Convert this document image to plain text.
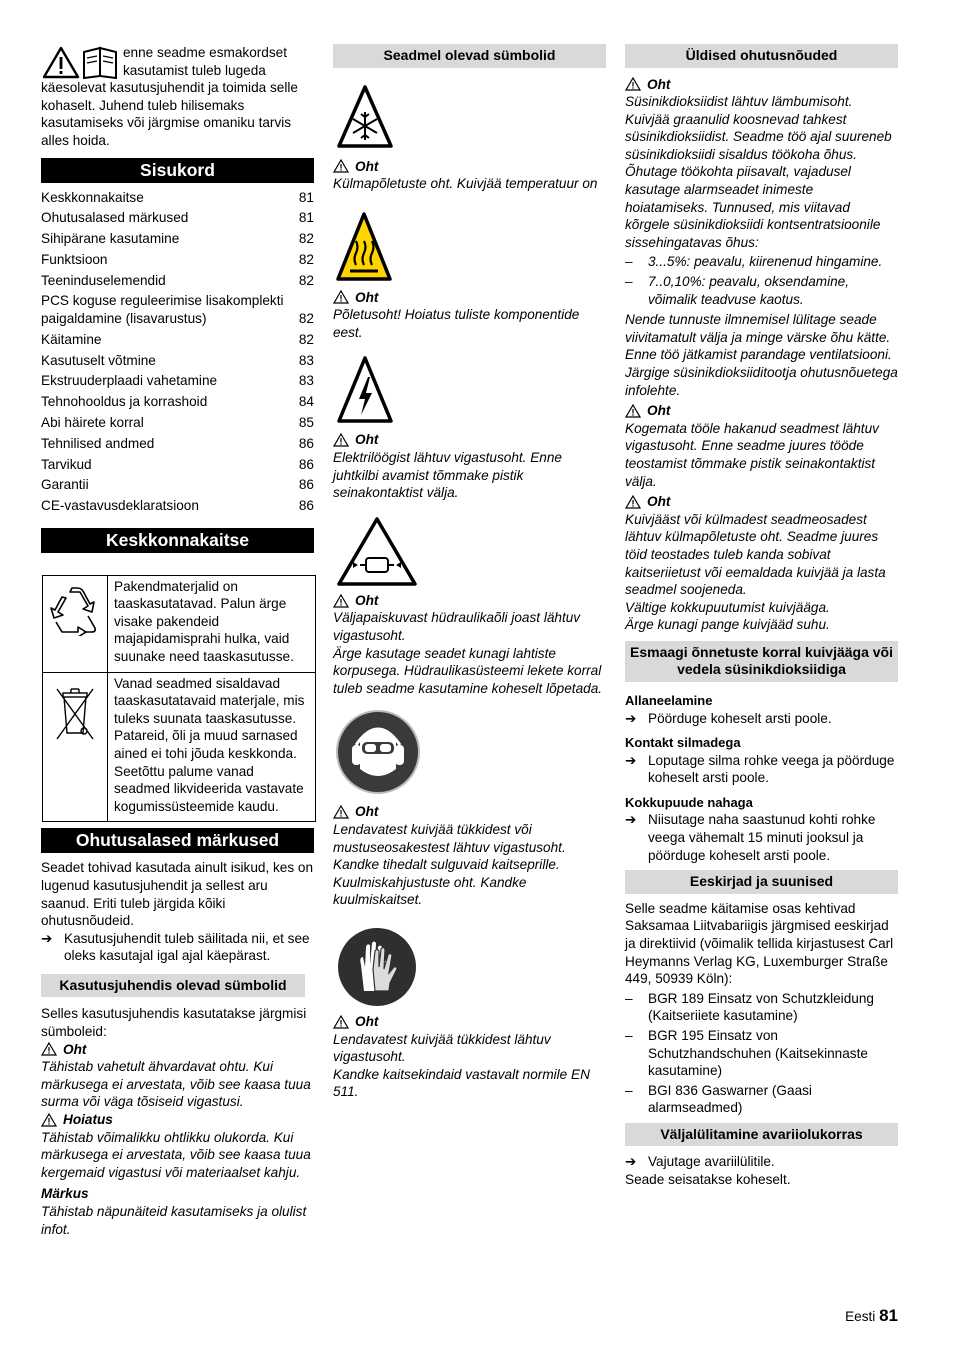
enne seadme esmakordset kasutamist tuleb lugeda

käesolevat kasutusjuhendit ja toimida selle kohaselt. Juhend tuleb hilisemaks kasutamiseks või järgmise omaniku tarvis alles hoida.

Sisukord
Keskkonnakaitse	81
Ohutusalased märkused	81
Sihipärane kasutamine	82
Funktsioon	82
Teeninduselemendid	82
PCS koguse reguleerimise lisakomplekti paigaldamine (lisavarustus)	82
Käitamine	82
Kasutuselt võtmine	83
Ekstruuderplaadi vahetamine	83
Tehnohooldus ja korrashoid	84
Abi häirete korral	85
Tehnilised andmed	86
Tarvikud	86
Garantii	86
CE-vastavusdeklaratsioon	86
Keskkonnakaitse
Pakendmaterjalid on taaskasutatavad. Palun ärge visake pakendeid majapidamisprahi hulka, vaid suunake need taaskasutusse.
Vanad seadmed sisaldavad taaskasutatavaid materjale, mis tuleks suunata taaskasutusse. Patareid, õli ja muud sarnased ained ei tohi jõuda keskkonda. Seetõttu palume vanad seadmed likvideerida vastavate kogumissüsteemide kaudu.
Ohutusalased märkused

Seadet tohivad kasutada ainult isikud, kes on lugenud kasutusjuhendit ja sellest aru saanud. Eriti tuleb järgida kõiki ohutusnõudeid.

➔ Kasutusjuhendit tuleb säilitada nii, et see oleks kasutajal igal ajal käepärast.
Kasutusjuhendis olevad sümbolid

Selles kasutusjuhendis kasutatakse järgmisi sümboleid:

Oht

Tähistab vahetult ähvardavat ohtu. Kui märkusega ei arvestata, võib see kaasa tuua surma või väga tõsiseid vigastusi.

Hoiatus

Tähistab võimalikku ohtlikku olukorda. Kui märkusega ei arvestata, võib see kaasa tuua kergemaid vigastusi või materiaalset kahju.

Märkus

Tähistab näpunäiteid kasutamiseks ja olulist infot.

Seadmel olevad sümbolid
Oht

Külmapõletuste oht. Kuivjää temperatuur on

Oht

Põletusoht! Hoiatus tuliste komponentide eest.

Oht

Elektrilöögist lähtuv vigastusoht. Enne juhtkilbi avamist tõmmake pistik seinakontaktist välja.

Oht

Väljapaiskuvast hüdraulikaõli joast lähtuv vigastusoht.
Ärge kasutage seadet kunagi lahtiste korpusega. Hüdraulikasüsteemi lekete korral tuleb seadme kasutamine koheselt lõpetada.

Oht

Lendavatest kuivjää tükkidest või mustuseosakestest lähtuv vigastusoht. Kandke tihedalt sulguvaid kaitseprille.
Kuulmiskahjustuste oht. Kandke kuulmiskaitset.

Oht

Lendavatest kuivjää tükkidest lähtuv vigastusoht.
Kandke kaitsekindaid vastavalt normile EN 511.

Üldised ohutusnõuded
Oht

Süsinikdioksiidist lähtuv lämbumisoht. Kuivjää graanulid koosnevad tahkest süsinikdioksiidist. Seadme töö ajal suureneb süsinikdioksiidi sisaldus töökoha õhus. Õhutage töökohta piisavalt, vajadusel kasutage alarmseadet inimeste hoiatamiseks. Tunnused, mis viitavad kõrgele süsinikdioksiidi kontsentratsioonile sissehingatavas õhus:

–	3...5%: peavalu, kiirenenud hingamine.
–	7..0,10%: peavalu, oksendamine, võimalik teadvuse kaotus.

Nende tunnuste ilmnemisel lülitage seade viivitamatult välja ja minge värske õhu kätte. Enne töö jätkamist parandage ventilatsiooni.
Järgige süsinikdioksiiditootja ohutusnõuetega infolehte.

Oht

Kogemata tööle hakanud seadmest lähtuv vigastusoht. Enne seadme juures tööde teostamist tõmmake pistik seinakontaktist välja.

Oht

Kuivjääst või külmadest seadmeosadest lähtuv külmapõletuste oht. Seadme juures töid teostades tuleb kanda sobivat kaitseriietust või eemaldada kuivjää ja lasta seadmel soojeneda.
Vältige kokkupuutumist kuivjääga.
Ärge kunagi pange kuivjääd suhu.

Esmaagi õnnetuste korral kuivjääga või vedela süsinikdioksiidiga

Allaneelamine

➔ Pöörduge koheselt arsti poole.

Kontakt silmadega

➔ Loputage silma rohke veega ja pöörduge koheselt arsti poole.

Kokkupuude nahaga

➔ Niisutage naha saastunud kohti rohke veega vähemalt 15 minuti jooksul ja pöörduge koheselt arsti poole.
Eeskirjad ja suunised

Selle seadme käitamise osas kehtivad Saksamaa Liitvabariigis järgmised eeskirjad ja direktiivid (võimalik tellida kirjastusest Carl Heymanns Verlag KG, Luxemburger Straße 449, 50939 Köln):

–	BGR 189 Einsatz von Schutzkleidung (Kaitseriiete kasutamine)
–	BGR 195 Einsatz von Schutzhandschuhen (Kaitsekinnaste kasutamine)
–	BGI 836 Gaswarner (Gaasi alarmseadmed)
Väljalülitamine avariiolukorras
➔ Vajutage avariilülitile.

Seade seisatakse koheselt.

Eesti 81
